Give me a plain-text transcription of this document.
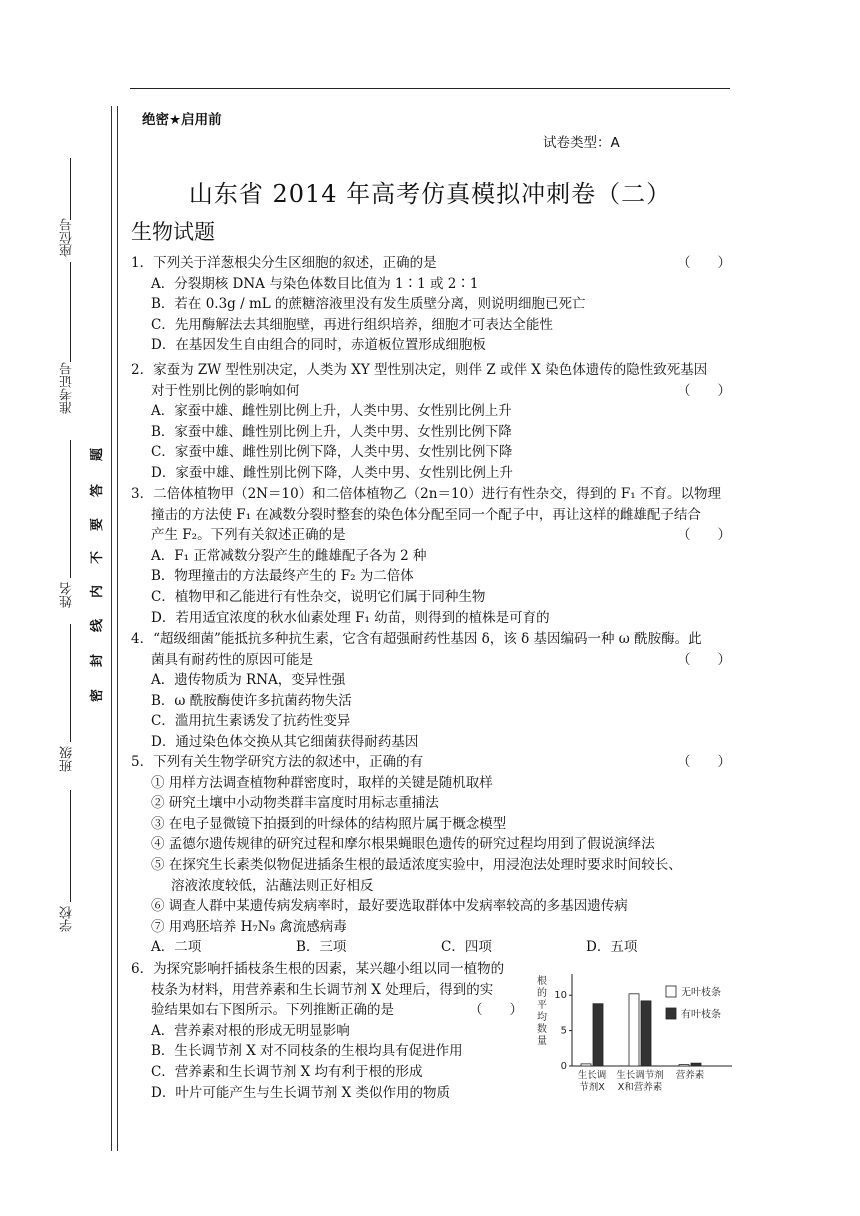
座位号
准考证号
姓名
班级
学校
题
答
要
不
内
线
封
密
绝密★启用前
试卷类型：A
山东省 2014 年高考仿真模拟冲刺卷（二）
生物试题
1．下列关于洋葱根尖分生区细胞的叙述，正确的是	（　　）
A．分裂期核 DNA 与染色体数目比值为 1∶1 或 2∶1
B．若在 0.3g / mL 的蔗糖溶液里没有发生质壁分离，则说明细胞已死亡
C．先用酶解法去其细胞壁，再进行组织培养，细胞才可表达全能性
D．在基因发生自由组合的同时，赤道板位置形成细胞板
2．家蚕为 ZW 型性别决定，人类为 XY 型性别决定，则伴 Z 或伴 X 染色体遗传的隐性致死基因
对于性别比例的影响如何	（　　）
A．家蚕中雄、雌性别比例上升，人类中男、女性别比例上升
B．家蚕中雄、雌性别比例上升，人类中男、女性别比例下降
C．家蚕中雄、雌性别比例下降，人类中男、女性别比例下降
D．家蚕中雄、雌性别比例下降，人类中男、女性别比例上升
3．二倍体植物甲（2N＝10）和二倍体植物乙（2n＝10）进行有性杂交，得到的 F₁ 不育。以物理
撞击的方法使 F₁ 在减数分裂时整套的染色体分配至同一个配子中，再让这样的雌雄配子结合
产生 F₂。下列有关叙述正确的是	（　　）
A．F₁ 正常减数分裂产生的雌雄配子各为 2 种
B．物理撞击的方法最终产生的 F₂ 为二倍体
C．植物甲和乙能进行有性杂交，说明它们属于同种生物
D．若用适宜浓度的秋水仙素处理 F₁ 幼苗，则得到的植株是可育的
4．“超级细菌”能抵抗多种抗生素，它含有超强耐药性基因 δ，该 δ 基因编码一种 ω 酰胺酶。此
菌具有耐药性的原因可能是	（　　）
A．遗传物质为 RNA，变异性强
B．ω 酰胺酶使许多抗菌药物失活
C．滥用抗生素诱发了抗药性变异
D．通过染色体交换从其它细菌获得耐药基因
5．下列有关生物学研究方法的叙述中，正确的有	（　　）
① 用样方法调查植物种群密度时，取样的关键是随机取样
② 研究土壤中小动物类群丰富度时用标志重捕法
③ 在电子显微镜下拍摄到的叶绿体的结构照片属于概念模型
④ 孟德尔遗传规律的研究过程和摩尔根果蝇眼色遗传的研究过程均用到了假说演绎法
⑤ 在探究生长素类似物促进插条生根的最适浓度实验中，用浸泡法处理时要求时间较长、
溶液浓度较低，沾蘸法则正好相反
⑥ 调查人群中某遗传病发病率时，最好要选取群体中发病率较高的多基因遗传病
⑦ 用鸡胚培养 H₇N₉ 禽流感病毒
A．二项	B．三项	C．四项	D．五项
6．为探究影响扦插枝条生根的因素，某兴趣小组以同一植物的
枝条为材料，用营养素和生长调节剂 X 处理后，得到的实
验结果如右下图所示。下列推断正确的是	（　　）
A．营养素对根的形成无明显影响
B．生长调节剂 X 对不同枝条的生根均具有促进作用
C．营养素和生长调节剂 X 均有利于根的形成
D．叶片可能产生与生长调节剂 X 类似作用的物质
根
的
平
均
数
量
0
5
10
生长调
节剂X
生长调节剂
X和营养素
营养素
无叶枝条
有叶枝条
